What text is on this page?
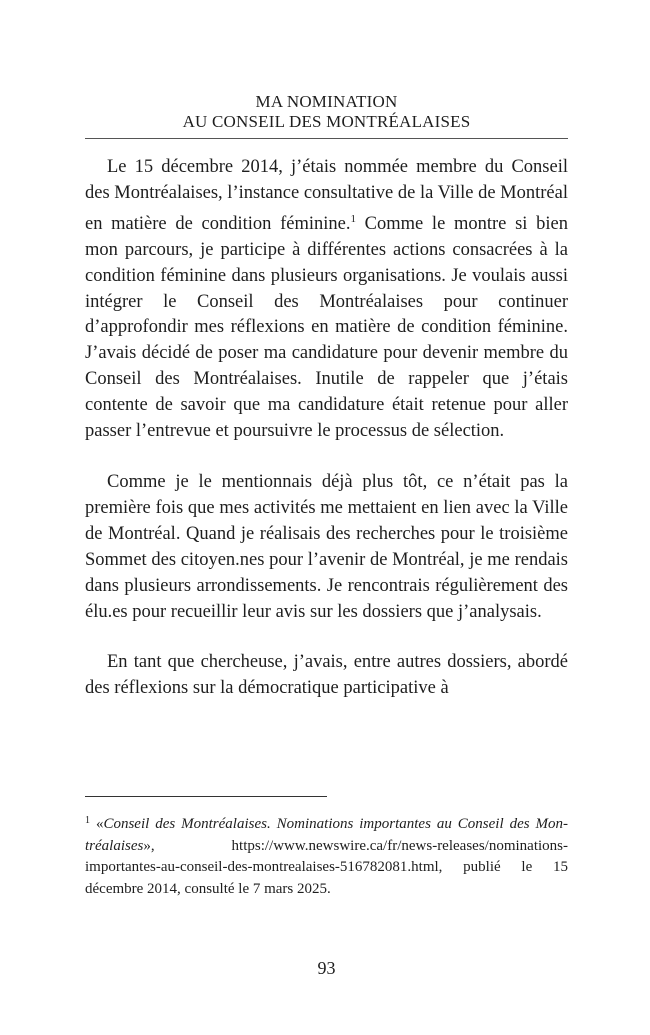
MA NOMINATION
AU CONSEIL DES MONTRÉALAISES

Le 15 décembre 2014, j’étais nommée membre du Conseil des Montréalaises, l’instance consultative de la Ville de Montréal en matière de condition féminine.$^1$ Comme le montre si bien mon parcours, je participe à différentes actions consacrées à la condition féminine dans plusieurs organisations. Je voulais aussi intégrer le Conseil des Montréalaises pour continuer d’approfondir mes réflexions en matière de condition féminine. J’avais décidé de poser ma candidature pour devenir membre du Conseil des Montréalaises. Inutile de rappeler que j’étais contente de savoir que ma candidature était retenue pour aller passer l’entrevue et poursuivre le processus de sélection.

Comme je le mentionnais déjà plus tôt, ce n’était pas la première fois que mes activités me mettaient en lien avec la Ville de Montréal. Quand je réalisais des recherches pour le troisième Sommet des citoyen.nes pour l’avenir de Montréal, je me rendais dans plusieurs arrondissements. Je rencontrais régulièrement des élu.es pour recueillir leur avis sur les dossiers que j’analysais.

En tant que chercheuse, j’avais, entre autres dossiers, abordé des réflexions sur la démocratique participative à

$^1$ «Conseil des Montréalaises. Nominations importantes au Conseil des Montréalaises», https://www.newswire.ca/fr/news-releases/nominations-importantes-au-conseil-des-montrealaises-516782081.html, publié le 15 décembre 2014, consulté le 7 mars 2025.
93
